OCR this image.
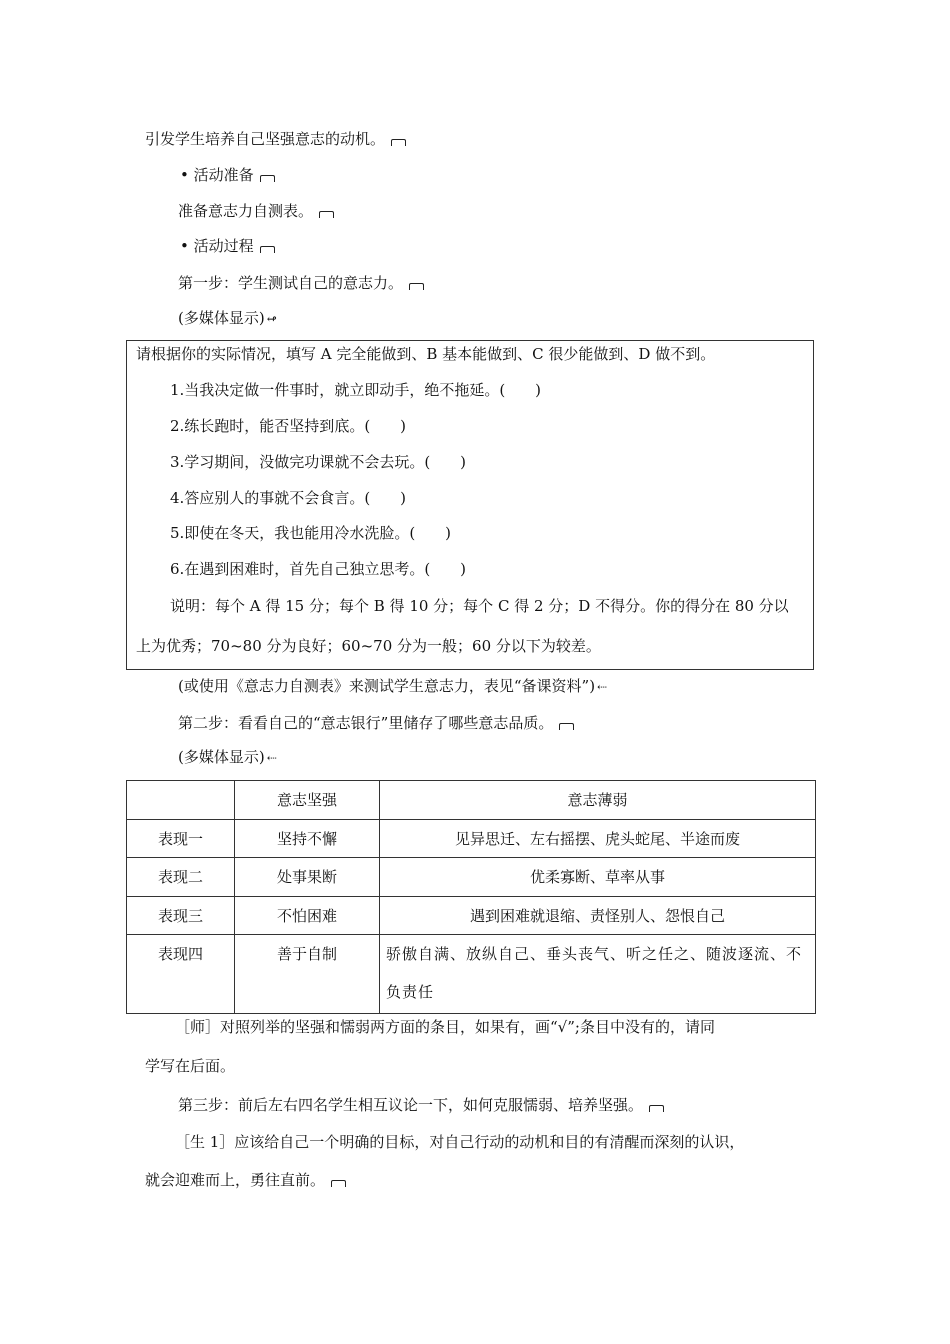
引发学生培养自己坚强意志的动机。
• 活动准备
准备意志力自测表。
• 活动过程
第一步：学生测试自己的意志力。
(多媒体显示) ↫
请根据你的实际情况，填写 A 完全能做到、B 基本能做到、C 很少能做到、D 做不到。
1.当我决定做一件事时，就立即动手，绝不拖延。(　　)
2.练长跑时，能否坚持到底。(　　)
3.学习期间，没做完功课就不会去玩。(　　)
4.答应别人的事就不会食言。(　　)
5.即使在冬天，我也能用冷水洗脸。(　　)
6.在遇到困难时，首先自己独立思考。(　　)
说明：每个 A 得 15 分；每个 B 得 10 分；每个 C 得 2 分；D 不得分。你的得分在 80 分以
上为优秀；70~80 分为良好；60~70 分为一般；60 分以下为较差。
(或使用《意志力自测表》来测试学生意志力，表见“备课资料”) ⇠
第二步：看看自己的“意志银行”里储存了哪些意志品质。
(多媒体显示) ⇠
	意志坚强	意志薄弱
表现一	坚持不懈	见异思迁、左右摇摆、虎头蛇尾、半途而废
表现二	处事果断	优柔寡断、草率从事
表现三	不怕困难	遇到困难就退缩、责怪别人、怨恨自己
表现四	善于自制	骄傲自满、放纵自己、垂头丧气、听之任之、随波逐流、不负责任
［师］对照列举的坚强和懦弱两方面的条目，如果有，画“√”;条目中没有的，请同
学写在后面。
第三步：前后左右四名学生相互议论一下，如何克服懦弱、培养坚强。
［生 1］应该给自己一个明确的目标，对自己行动的动机和目的有清醒而深刻的认识，
就会迎难而上，勇往直前。
